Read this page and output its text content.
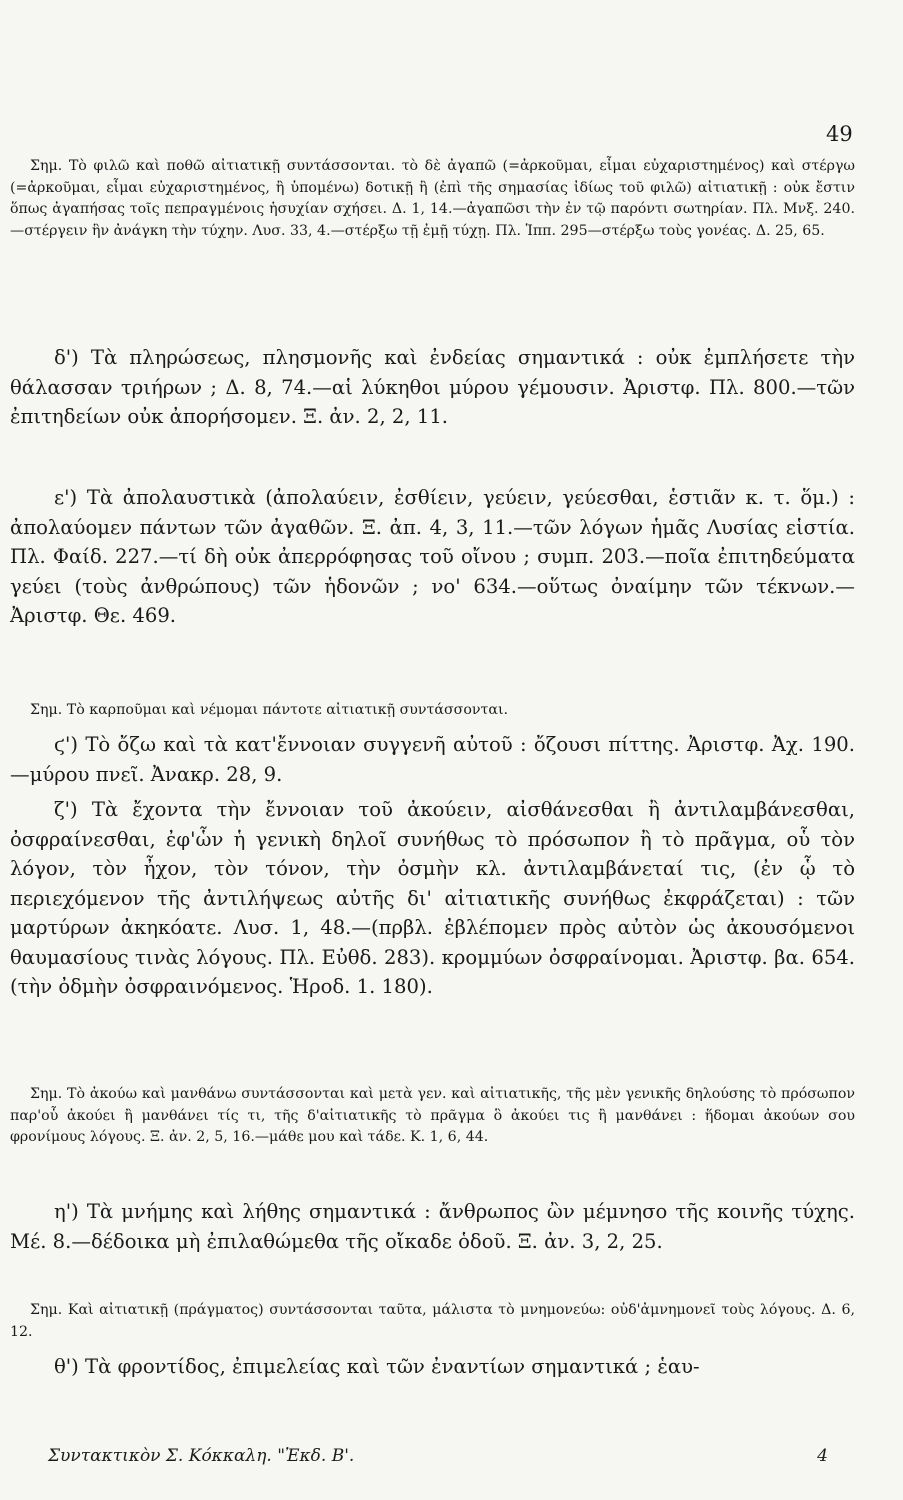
49

Σημ. Τὸ φιλῶ καὶ ποθῶ αἰτιατικῇ συντάσσονται. τὸ δὲ ἀγαπῶ (=ἀρκοῦμαι, εἶμαι εὐχαριστημένος) καὶ στέργω (=ἀρκοῦμαι, εἶμαι εὐχαριστημένος, ἢ ὑπομένω) δοτικῇ ἢ (ἐπὶ τῆς σημασίας ἰδίως τοῦ φιλῶ) αἰτιατικῇ : οὐκ ἔστιν ὅπως ἀγαπήσας τοῖς πεπραγμένοις ἡσυχίαν σχήσει. Δ. 1, 14.—ἀγαπῶσι τὴν ἐν τῷ παρόντι σωτηρίαν. Πλ. Μνξ. 240.—στέργειν ἣν ἀνάγκη τὴν τύχην. Λυσ. 33, 4.—στέρξω τῇ ἐμῇ τύχῃ. Πλ. Ἱππ. 295—στέρξω τοὺς γονέας. Δ. 25, 65.

δ') Τὰ πληρώσεως, πλησμονῆς καὶ ἐνδείας σημαντικά : οὐκ ἐμπλήσετε τὴν θάλασσαν τριήρων ; Δ. 8, 74.—αἱ λύκηθοι μύρου γέμουσιν. Ἀριστφ. Πλ. 800.—τῶν ἐπιτηδείων οὐκ ἀπορήσομεν. Ξ. ἀν. 2, 2, 11.

ε') Τὰ ἀπολαυστικὰ (ἀπολαύειν, ἐσθίειν, γεύειν, γεύεσθαι, ἑστιᾶν κ. τ. ὅμ.) : ἀπολαύομεν πάντων τῶν ἀγαθῶν. Ξ. ἀπ. 4, 3, 11.—τῶν λόγων ἡμᾶς Λυσίας εἱστία. Πλ. Φαίδ. 227.—τί δὴ οὐκ ἀπερρόφησας τοῦ οἴνου ; συμπ. 203.—ποῖα ἐπιτηδεύματα γεύει (τοὺς ἀνθρώπους) τῶν ἡδονῶν ; νο' 634.—οὕτως ὀναίμην τῶν τέκνων.—Ἀριστφ. Θε. 469.

Σημ. Τὸ καρποῦμαι καὶ νέμομαι πάντοτε αἰτιατικῇ συντάσσονται.

ϛ') Τὸ ὄζω καὶ τὰ κατ'ἔννοιαν συγγενῆ αὐτοῦ : ὄζουσι πίττης. Ἀριστφ. Ἀχ. 190.—μύρου πνεῖ. Ἀνακρ. 28, 9.

ζ') Τὰ ἔχοντα τὴν ἔννοιαν τοῦ ἀκούειν, αἰσθάνεσθαι ἢ ἀντιλαμβάνεσθαι, ὀσφραίνεσθαι, ἐφ'ὧν ἡ γενικὴ δηλοῖ συνήθως τὸ πρόσωπον ἢ τὸ πρᾶγμα, οὗ τὸν λόγον, τὸν ἦχον, τὸν τόνον, τὴν ὀσμὴν κλ. ἀντιλαμβάνεταί τις, (ἐν ᾧ τὸ περιεχόμενον τῆς ἀντιλήψεως αὐτῆς δι' αἰτιατικῆς συνήθως ἐκφράζεται) : τῶν μαρτύρων ἀκηκόατε. Λυσ. 1, 48.—(πρβλ. ἐβλέπομεν πρὸς αὐτὸν ὡς ἀκουσόμενοι θαυμασίους τινὰς λόγους. Πλ. Εὐθδ. 283). κρομμύων ὀσφραίνομαι. Ἀριστφ. βα. 654. (τὴν ὀδμὴν ὀσφραινόμενος. Ἡροδ. 1. 180).

Σημ. Τὸ ἀκούω καὶ μανθάνω συντάσσονται καὶ μετὰ γεν. καὶ αἰτιατικῆς, τῆς μὲν γενικῆς δηλούσης τὸ πρόσωπον παρ'οὗ ἀκούει ἢ μανθάνει τίς τι, τῆς δ'αἰτιατικῆς τὸ πρᾶγμα ὃ ἀκούει τις ἢ μανθάνει : ἥδομαι ἀκούων σου φρονίμους λόγους. Ξ. ἀν. 2, 5, 16.—μάθε μου καὶ τάδε. Κ. 1, 6, 44.

η') Τὰ μνήμης καὶ λήθης σημαντικά : ἄνθρωπος ὢν μέμνησο τῆς κοινῆς τύχης. Μέ. 8.—δέδοικα μὴ ἐπιλαθώμεθα τῆς οἴκαδε ὁδοῦ. Ξ. ἀν. 3, 2, 25.

Σημ. Καὶ αἰτιατικῇ (πράγματος) συντάσσονται ταῦτα, μάλιστα τὸ μνημονεύω: οὐδ'ἀμνημονεῖ τοὺς λόγους. Δ. 6, 12.

θ') Τὰ φροντίδος, ἐπιμελείας καὶ τῶν ἐναντίων σημαντικά ; ἑαυ-

Συντακτικὸν Σ. Κόκκαλη. "Ἐκδ. Β'.	4
